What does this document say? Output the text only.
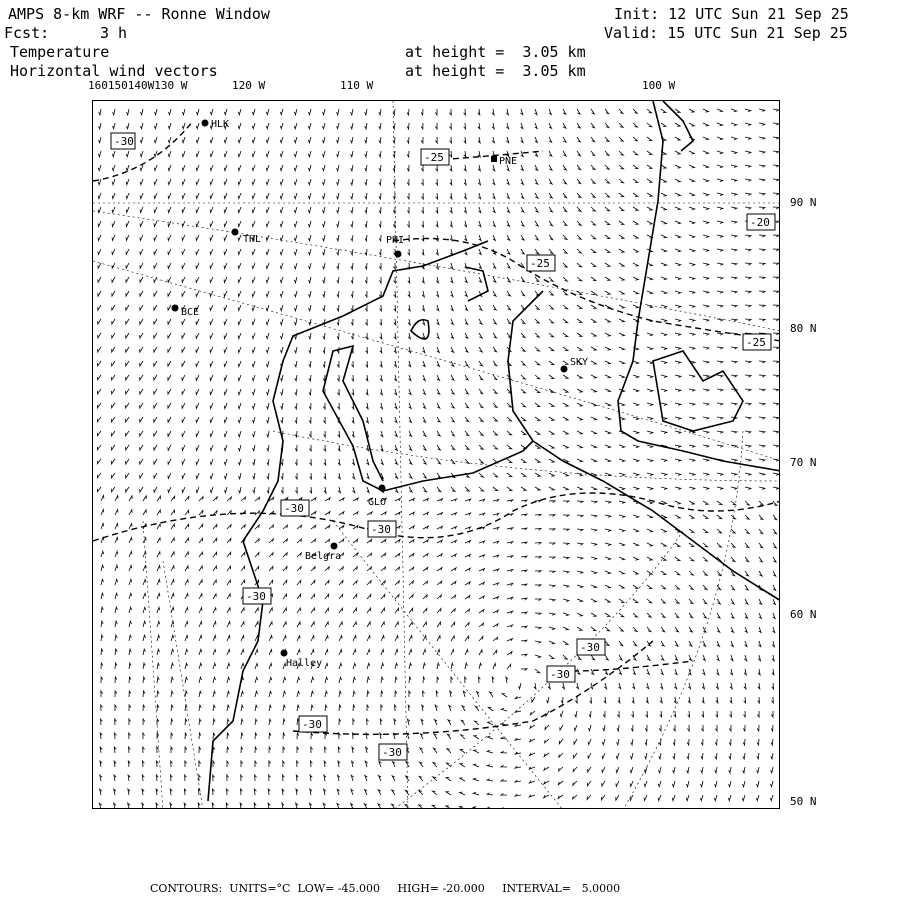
AMPS 8-km WRF -- Ronne Window
Fcst:	3 h
Init: 12 UTC Sun 21 Sep 25
Valid: 15 UTC Sun 21 Sep 25
Temperature	at height =  3.05 km
Horizontal wind vectors	at height =  3.05 km
160150140W130 W	120 W	110 W	100 W
90 N
80 N
70 N
60 N
50 N
-30
-25
-25
-20
-25
-30
-30
-30
-30
-30
-30
-30
HLK
PNE
THL	PHI
BCE
SKY
GLO
Belgra
Halley
CONTOURS:  UNITS=°C  LOW= -45.000     HIGH= -20.000     INTERVAL=   5.0000
